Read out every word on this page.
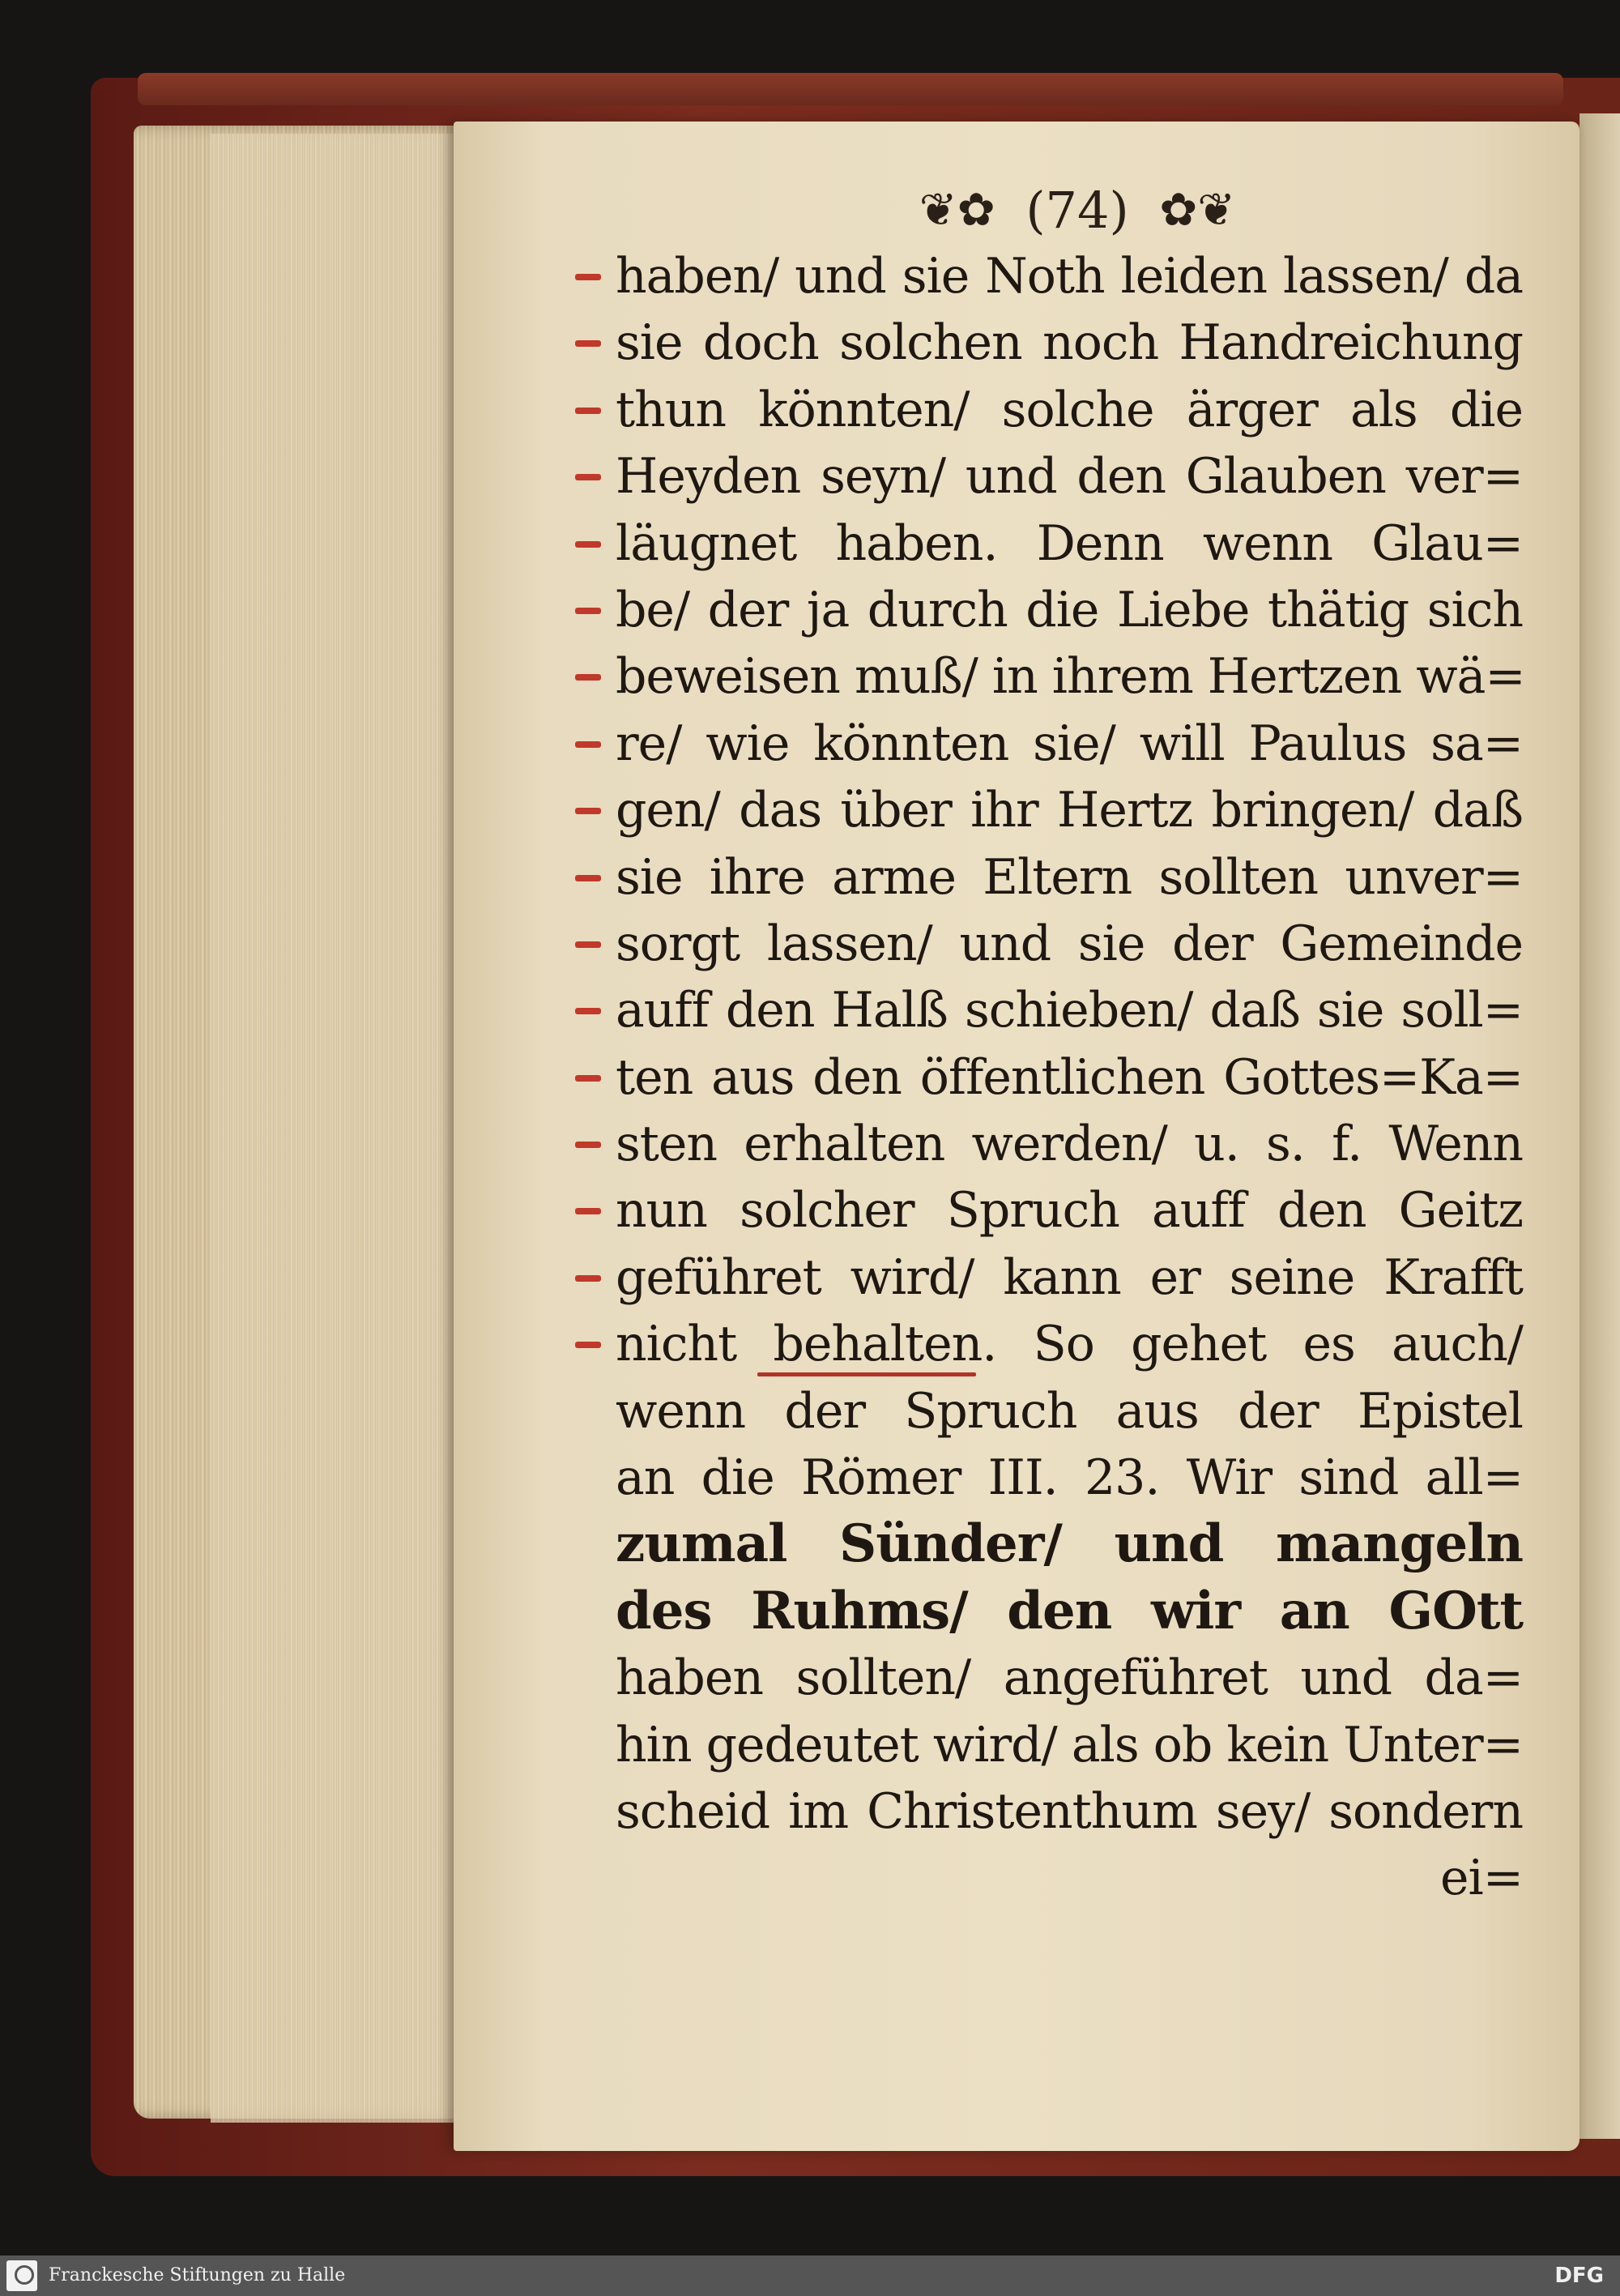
❦✿ (74) ✿❦
haben/ und sie Noth leiden lassen/ da
sie doch solchen noch Handreichung
thun könnten/ solche ärger als die
Heyden seyn/ und den Glauben ver=
läugnet haben. Denn wenn Glau=
be/ der ja durch die Liebe thätig sich
beweisen muß/ in ihrem Hertzen wä=
re/ wie könnten sie/ will Paulus sa=
gen/ das über ihr Hertz bringen/ daß
sie ihre arme Eltern sollten unver=
sorgt lassen/ und sie der Gemeinde
auff den Halß schieben/ daß sie soll=
ten aus den öffentlichen Gottes=Ka=
sten erhalten werden/ u. s. f. Wenn
nun solcher Spruch auff den Geitz
geführet wird/ kann er seine Krafft
nicht behalten. So gehet es auch/
wenn der Spruch aus der Epistel
an die Römer III. 23. Wir sind all=
zumal Sünder/ und mangeln
des Ruhms/ den wir an GOtt
haben sollten/ angeführet und da=
hin gedeutet wird/ als ob kein Unter=
scheid im Christenthum sey/ sondern
ei=
Franckesche Stiftungen zu Halle	DFG
